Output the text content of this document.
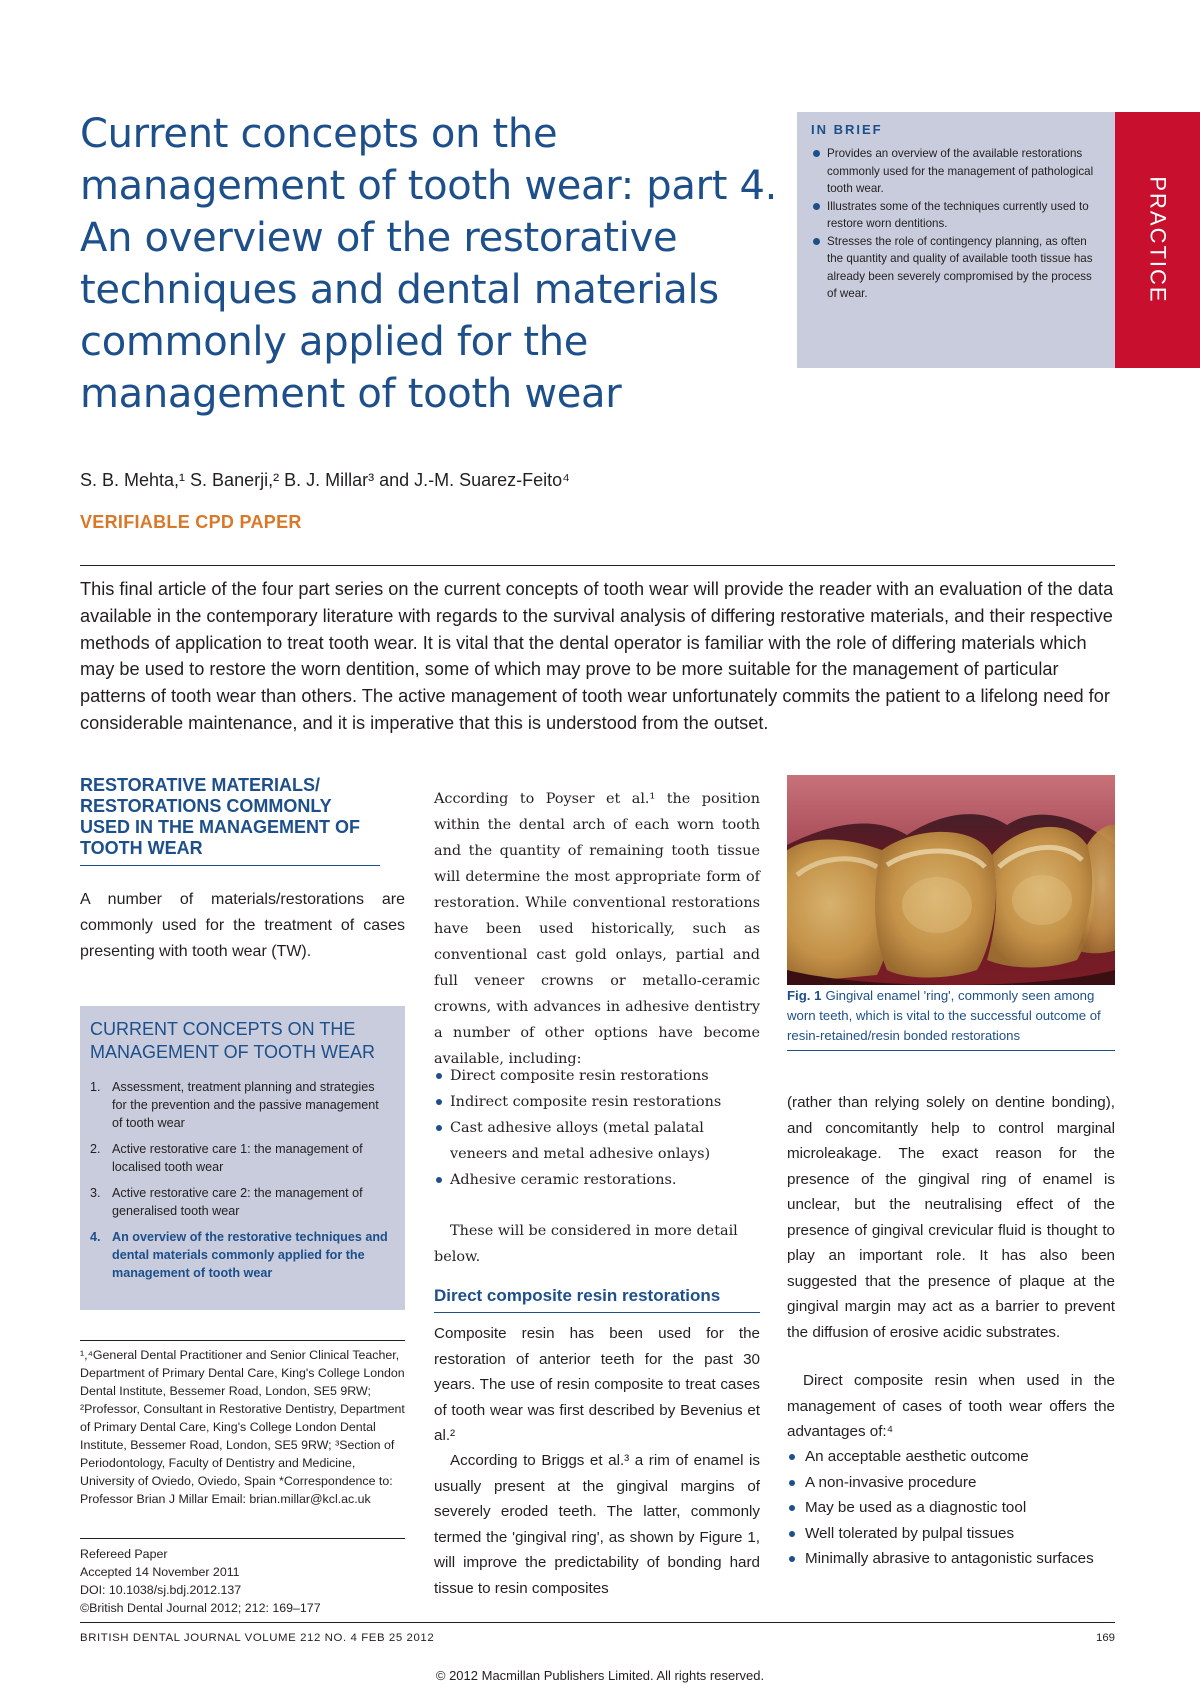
Current concepts on the management of tooth wear: part 4. An overview of the restorative techniques and dental materials commonly applied for the management of tooth wear
S. B. Mehta,¹ S. Banerji,² B. J. Millar³ and J.-M. Suarez-Feito⁴
VERIFIABLE CPD PAPER
IN BRIEF
Provides an overview of the available restorations commonly used for the management of pathological tooth wear.
Illustrates some of the techniques currently used to restore worn dentitions.
Stresses the role of contingency planning, as often the quantity and quality of available tooth tissue has already been severely compromised by the process of wear.	PRACTICE

This final article of the four part series on the current concepts of tooth wear will provide the reader with an evaluation of the data available in the contemporary literature with regards to the survival analysis of differing restorative materials, and their respective methods of application to treat tooth wear. It is vital that the dental operator is familiar with the role of differing materials which may be used to restore the worn dentition, some of which may prove to be more suitable for the management of particular patterns of tooth wear than others. The active management of tooth wear unfortunately commits the patient to a lifelong need for considerable maintenance, and it is imperative that this is understood from the outset.

RESTORATIVE MATERIALS/ RESTORATIONS COMMONLY USED IN THE MANAGEMENT OF TOOTH WEAR

A number of materials/restorations are commonly used for the treatment of cases presenting with tooth wear (TW).

CURRENT CONCEPTS ON THE MANAGEMENT OF TOOTH WEAR
1. Assessment, treatment planning and strategies for the prevention and the passive management of tooth wear
2. Active restorative care 1: the management of localised tooth wear
3. Active restorative care 2: the management of generalised tooth wear
4. An overview of the restorative techniques and dental materials commonly applied for the management of tooth wear

¹,⁴General Dental Practitioner and Senior Clinical Teacher, Department of Primary Dental Care, King's College London Dental Institute, Bessemer Road, London, SE5 9RW; ²Professor, Consultant in Restorative Dentistry, Department of Primary Dental Care, King's College London Dental Institute, Bessemer Road, London, SE5 9RW; ³Section of Periodontology, Faculty of Dentistry and Medicine, University of Oviedo, Oviedo, Spain *Correspondence to: Professor Brian J Millar Email: brian.millar@kcl.ac.uk

Refereed Paper
Accepted 14 November 2011
DOI: 10.1038/sj.bdj.2012.137
©British Dental Journal 2012; 212: 169–177

According to Poyser et al.¹ the position within the dental arch of each worn tooth and the quantity of remaining tooth tissue will determine the most appropriate form of restoration. While conventional restorations have been used historically, such as conventional cast gold onlays, partial and full veneer crowns or metallo-ceramic crowns, with advances in adhesive dentistry a number of other options have become available, including:

Direct composite resin restorations
Indirect composite resin restorations
Cast adhesive alloys (metal palatal veneers and metal adhesive onlays)
Adhesive ceramic restorations.

These will be considered in more detail below.

Direct composite resin restorations

Composite resin has been used for the restoration of anterior teeth for the past 30 years. The use of resin composite to treat cases of tooth wear was first described by Bevenius et al.²

According to Briggs et al.³ a rim of enamel is usually present at the gingival margins of severely eroded teeth. The latter, commonly termed the 'gingival ring', as shown by Figure 1, will improve the predictability of bonding hard tissue to resin composites

Fig. 1 Gingival enamel 'ring', commonly seen among worn teeth, which is vital to the successful outcome of resin-retained/resin bonded restorations

(rather than relying solely on dentine bonding), and concomitantly help to control marginal microleakage. The exact reason for the presence of the gingival ring of enamel is unclear, but the neutralising effect of the presence of gingival crevicular fluid is thought to play an important role. It has also been suggested that the presence of plaque at the gingival margin may act as a barrier to prevent the diffusion of erosive acidic substrates.

Direct composite resin when used in the management of cases of tooth wear offers the advantages of:⁴

An acceptable aesthetic outcome
A non-invasive procedure
May be used as a diagnostic tool
Well tolerated by pulpal tissues
Minimally abrasive to antagonistic surfaces
BRITISH DENTAL JOURNAL VOLUME 212 NO. 4 FEB 25 2012	169
© 2012 Macmillan Publishers Limited. All rights reserved.
